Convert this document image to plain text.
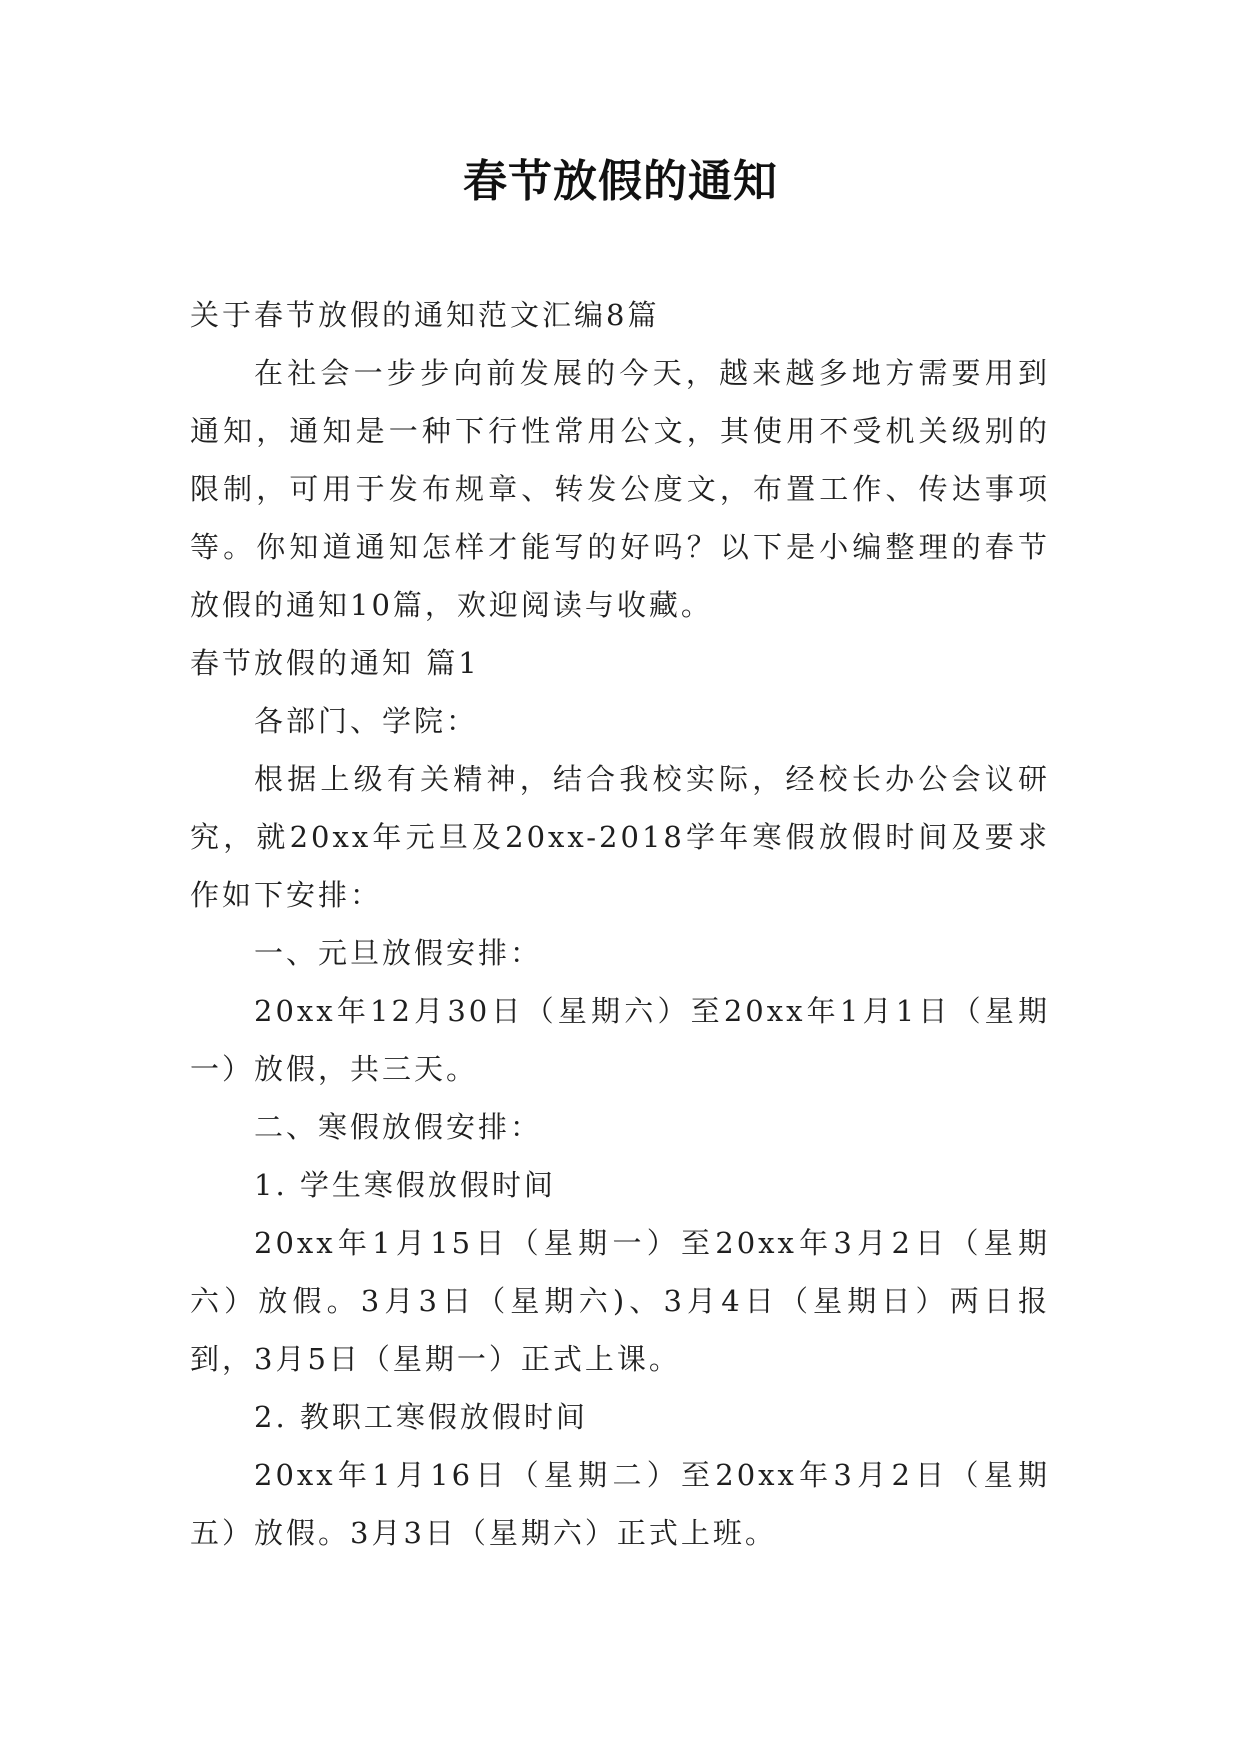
春节放假的通知

关于春节放假的通知范文汇编8篇

在社会一步步向前发展的今天，越来越多地方需要用到通知，通知是一种下行性常用公文，其使用不受机关级别的限制，可用于发布规章、转发公度文，布置工作、传达事项等。你知道通知怎样才能写的好吗？以下是小编整理的春节放假的通知10篇，欢迎阅读与收藏。

春节放假的通知 篇1

各部门、学院：

根据上级有关精神，结合我校实际，经校长办公会议研究，就20xx年元旦及20xx-2018学年寒假放假时间及要求作如下安排：

一、元旦放假安排：

20xx年12月30日（星期六）至20xx年1月1日（星期一）放假，共三天。

二、寒假放假安排：

1. 学生寒假放假时间

20xx年1月15日（星期一）至20xx年3月2日（星期六）放假。3月3日（星期六)、3月4日（星期日）两日报到，3月5日（星期一）正式上课。

2. 教职工寒假放假时间

20xx年1月16日（星期二）至20xx年3月2日（星期五）放假。3月3日（星期六）正式上班。
